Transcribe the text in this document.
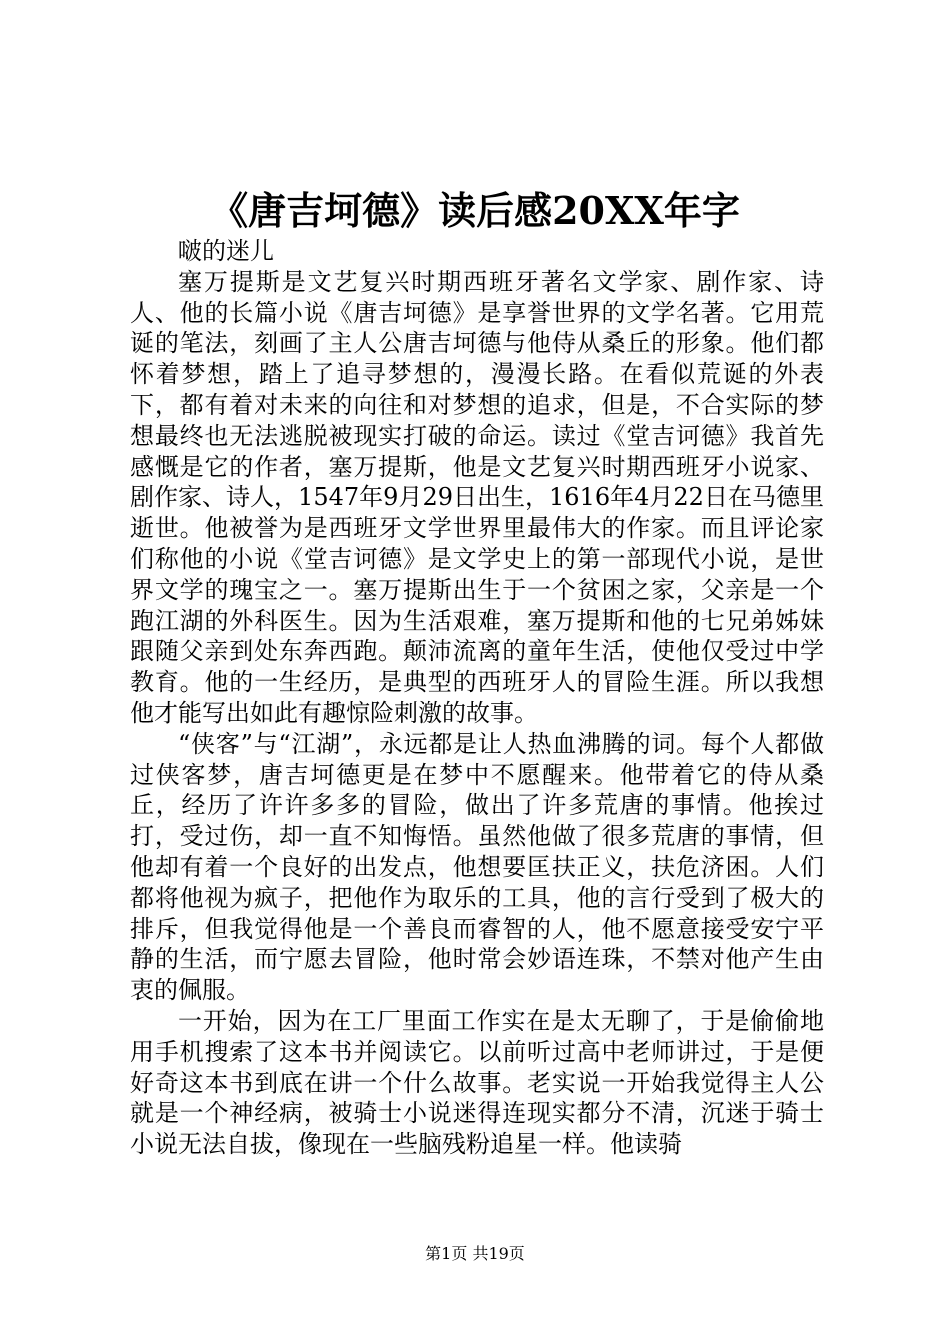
《唐吉坷德》读后感20XX年字

啵的迷儿

塞万提斯是文艺复兴时期西班牙著名文学家、剧作家、诗人、他的长篇小说《唐吉坷德》是享誉世界的文学名著。它用荒诞的笔法，刻画了主人公唐吉坷德与他侍从桑丘的形象。他们都怀着梦想，踏上了追寻梦想的，漫漫长路。在看似荒诞的外表下，都有着对未来的向往和对梦想的追求，但是，不合实际的梦想最终也无法逃脱被现实打破的命运。读过《堂吉诃德》我首先感慨是它的作者，塞万提斯，他是文艺复兴时期西班牙小说家、剧作家、诗人，1547年9月29日出生，1616年4月22日在马德里逝世。他被誉为是西班牙文学世界里最伟大的作家。而且评论家们称他的小说《堂吉诃德》是文学史上的第一部现代小说，是世界文学的瑰宝之一。塞万提斯出生于一个贫困之家，父亲是一个跑江湖的外科医生。因为生活艰难，塞万提斯和他的七兄弟姊妹跟随父亲到处东奔西跑。颠沛流离的童年生活，使他仅受过中学教育。他的一生经历，是典型的西班牙人的冒险生涯。所以我想他才能写出如此有趣惊险刺激的故事。

“侠客”与“江湖”，永远都是让人热血沸腾的词。每个人都做过侠客梦，唐吉坷德更是在梦中不愿醒来。他带着它的侍从桑丘，经历了许许多多的冒险，做出了许多荒唐的事情。他挨过打，受过伤，却一直不知悔悟。虽然他做了很多荒唐的事情，但他却有着一个良好的出发点，他想要匡扶正义，扶危济困。人们都将他视为疯子，把他作为取乐的工具，他的言行受到了极大的排斥，但我觉得他是一个善良而睿智的人，他不愿意接受安宁平静的生活，而宁愿去冒险，他时常会妙语连珠，不禁对他产生由衷的佩服。

一开始，因为在工厂里面工作实在是太无聊了，于是偷偷地用手机搜索了这本书并阅读它。以前听过高中老师讲过，于是便好奇这本书到底在讲一个什么故事。老实说一开始我觉得主人公就是一个神经病，被骑士小说迷得连现实都分不清，沉迷于骑士小说无法自拔，像现在一些脑残粉追星一样。他读骑

第1页 共19页
